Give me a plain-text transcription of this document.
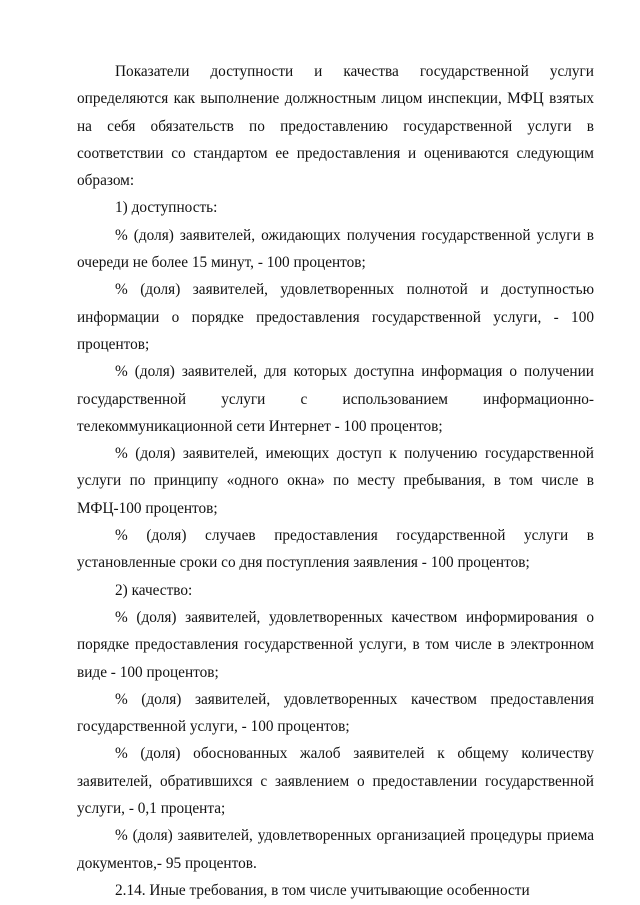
Показатели доступности и качества государственной услуги определяются как выполнение должностным лицом инспекции, МФЦ взятых на себя обязательств по предоставлению государственной услуги в соответствии со стандартом ее предоставления и оцениваются следующим образом:

1) доступность:

% (доля) заявителей, ожидающих получения государственной услуги в очереди не более 15 минут, - 100 процентов;

% (доля) заявителей, удовлетворенных полнотой и доступностью информации о порядке предоставления государственной услуги, - 100 процентов;

% (доля) заявителей, для которых доступна информация о получении государственной услуги с использованием информационно-телекоммуникационной сети Интернет - 100 процентов;

% (доля) заявителей, имеющих доступ к получению государственной услуги по принципу «одного окна» по месту пребывания, в том числе в МФЦ-100 процентов;

% (доля) случаев предоставления государственной услуги в установленные сроки со дня поступления заявления - 100 процентов;

2) качество:

% (доля) заявителей, удовлетворенных качеством информирования о порядке предоставления государственной услуги, в том числе в электронном виде - 100 процентов;

% (доля) заявителей, удовлетворенных качеством предоставления государственной услуги, - 100 процентов;

% (доля) обоснованных жалоб заявителей к общему количеству заявителей, обратившихся с заявлением о предоставлении государственной услуги, - 0,1 процента;

% (доля) заявителей, удовлетворенных организацией процедуры приема документов,- 95 процентов.

2.14. Иные требования, в том числе учитывающие особенности
